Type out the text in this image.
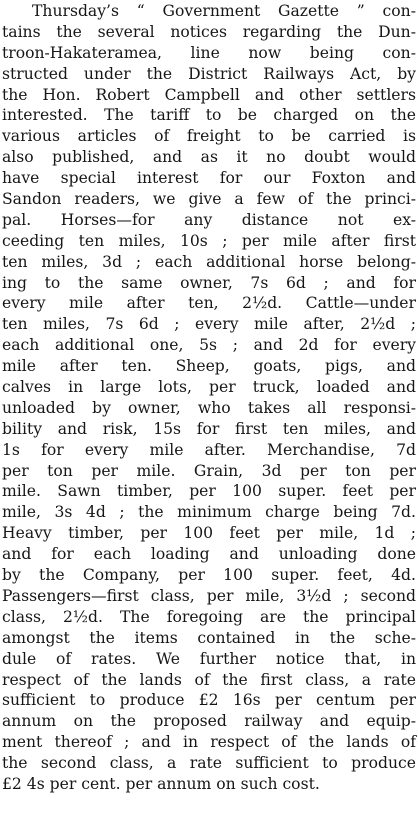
Thursday’s “ Government Gazette ” con-
tains the several notices regarding the Dun-
troon-Hakateramea, line now being con-
structed under the District Railways Act, by
the Hon. Robert Campbell and other settlers
interested. The tariff to be charged on the
various articles of freight to be carried is
also published, and as it no doubt would
have special interest for our Foxton and
Sandon readers, we give a few of the princi-
pal. Horses—for any distance not ex-
ceeding ten miles, 10s ; per mile after first
ten miles, 3d ; each additional horse belong-
ing to the same owner, 7s 6d ; and for
every mile after ten, 2½d. Cattle—under
ten miles, 7s 6d ; every mile after, 2½d ;
each additional one, 5s ; and 2d for every
mile after ten. Sheep, goats, pigs, and
calves in large lots, per truck, loaded and
unloaded by owner, who takes all responsi-
bility and risk, 15s for first ten miles, and
1s for every mile after. Merchandise, 7d
per ton per mile. Grain, 3d per ton per
mile. Sawn timber, per 100 super. feet per
mile, 3s 4d ; the minimum charge being 7d.
Heavy timber, per 100 feet per mile, 1d ;
and for each loading and unloading done
by the Company, per 100 super. feet, 4d.
Passengers—first class, per mile, 3½d ; second
class, 2½d. The foregoing are the principal
amongst the items contained in the sche-
dule of rates. We further notice that, in
respect of the lands of the first class, a rate
sufficient to produce £2 16s per centum per
annum on the proposed railway and equip-
ment thereof ; and in respect of the lands of
the second class, a rate sufficient to produce
£2 4s per cent. per annum on such cost.
